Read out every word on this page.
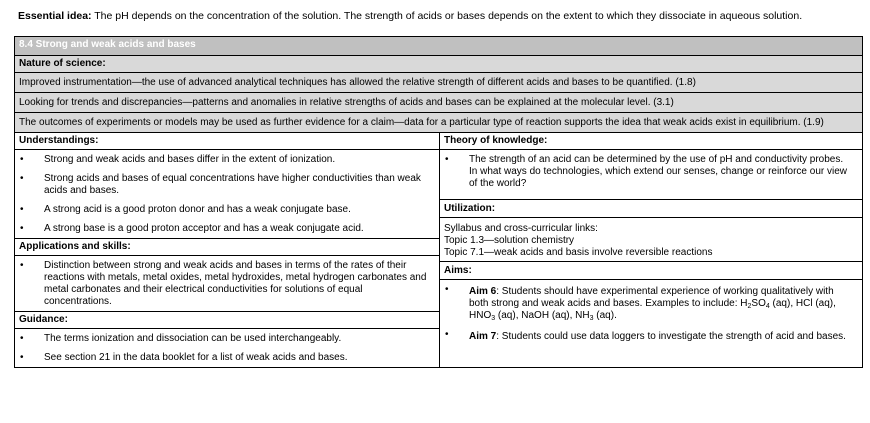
Essential idea: The pH depends on the concentration of the solution. The strength of acids or bases depends on the extent to which they dissociate in aqueous solution.
8.4 Strong and weak acids and bases
Nature of science:
Improved instrumentation—the use of advanced analytical techniques has allowed the relative strength of different acids and bases to be quantified. (1.8)
Looking for trends and discrepancies—patterns and anomalies in relative strengths of acids and bases can be explained at the molecular level. (3.1)
The outcomes of experiments or models may be used as further evidence for a claim—data for a particular type of reaction supports the idea that weak acids exist in equilibrium. (1.9)
Understandings:
• Strong and weak acids and bases differ in the extent of ionization.
• Strong acids and bases of equal concentrations have higher conductivities than weak acids and bases.
• A strong acid is a good proton donor and has a weak conjugate base.
• A strong base is a good proton acceptor and has a weak conjugate acid.
Applications and skills:
• Distinction between strong and weak acids and bases in terms of the rates of their reactions with metals, metal oxides, metal hydroxides, metal hydrogen carbonates and metal carbonates and their electrical conductivities for solutions of equal concentrations.
Guidance:
• The terms ionization and dissociation can be used interchangeably.
• See section 21 in the data booklet for a list of weak acids and bases.
Theory of knowledge:
• The strength of an acid can be determined by the use of pH and conductivity probes. In what ways do technologies, which extend our senses, change or reinforce our view of the world?
Utilization:
Syllabus and cross-curricular links:
Topic 1.3—solution chemistry
Topic 7.1—weak acids and basis involve reversible reactions
Aims:
• Aim 6: Students should have experimental experience of working qualitatively with both strong and weak acids and bases. Examples to include: $H_2SO_4$ (aq), HCl (aq), $HNO_3$ (aq), NaOH (aq), $NH_3$ (aq).
• Aim 7: Students could use data loggers to investigate the strength of acid and bases.
